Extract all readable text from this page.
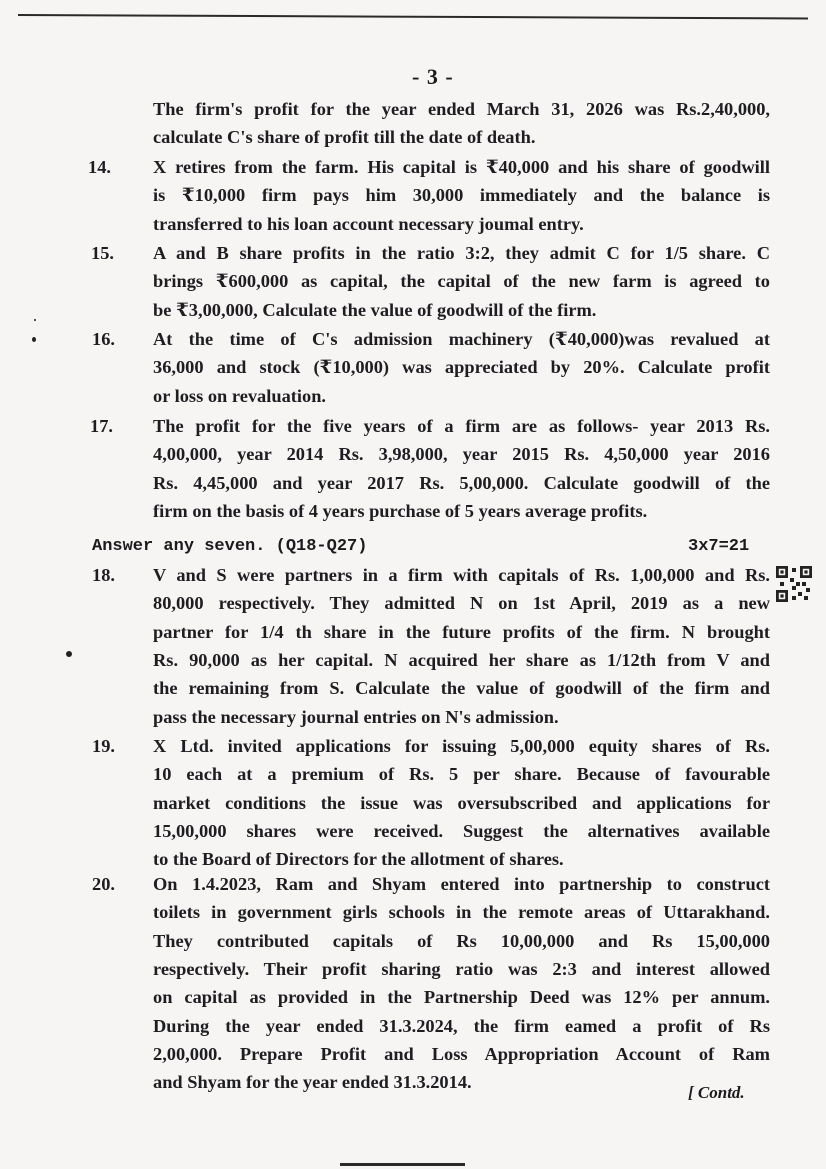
- 3 -
The firm's profit for the year ended March 31, 2026 was Rs.2,40,000,
calculate C's share of profit till the date of death.
14. X retires from the farm. His capital is ₹40,000 and his share of goodwill
is ₹10,000 firm pays him 30,000 immediately and the balance is
transferred to his loan account necessary joumal entry.
15. A and B share profits in the ratio 3:2, they admit C for 1/5 share. C
brings ₹600,000 as capital, the capital of the new farm is agreed to
be ₹3,00,000, Calculate the value of goodwill of the firm.
16. At the time of C's admission machinery (₹40,000)was revalued at
36,000 and stock (₹10,000) was appreciated by 20%. Calculate profit
or loss on revaluation.
17. The profit for the five years of a firm are as follows- year 2013 Rs.
4,00,000, year 2014 Rs. 3,98,000, year 2015 Rs. 4,50,000 year 2016
Rs. 4,45,000 and year 2017 Rs. 5,00,000. Calculate goodwill of the
firm on the basis of 4 years purchase of 5 years average profits.
18. V and S were partners in a firm with capitals of Rs. 1,00,000 and Rs.
80,000 respectively. They admitted N on 1st April, 2019 as a new
partner for 1/4 th share in the future profits of the firm. N brought
Rs. 90,000 as her capital. N acquired her share as 1/12th from V and
the remaining from S. Calculate the value of goodwill of the firm and
pass the necessary journal entries on N's admission.
19. X Ltd. invited applications for issuing 5,00,000 equity shares of Rs.
10 each at a premium of Rs. 5 per share. Because of favourable
market conditions the issue was oversubscribed and applications for
15,00,000 shares were received. Suggest the alternatives available
to the Board of Directors for the allotment of shares.
20. On 1.4.2023, Ram and Shyam entered into partnership to construct
toilets in government girls schools in the remote areas of Uttarakhand.
They contributed capitals of Rs 10,00,000 and Rs 15,00,000
respectively. Their profit sharing ratio was 2:3 and interest allowed
on capital as provided in the Partnership Deed was 12% per annum.
During the year ended 31.3.2024, the firm eamed a profit of Rs
2,00,000. Prepare Profit and Loss Appropriation Account of Ram
and Shyam for the year ended 31.3.2014.
Answer any seven. (Q18-Q27)	3x7=21
[ Contd.
